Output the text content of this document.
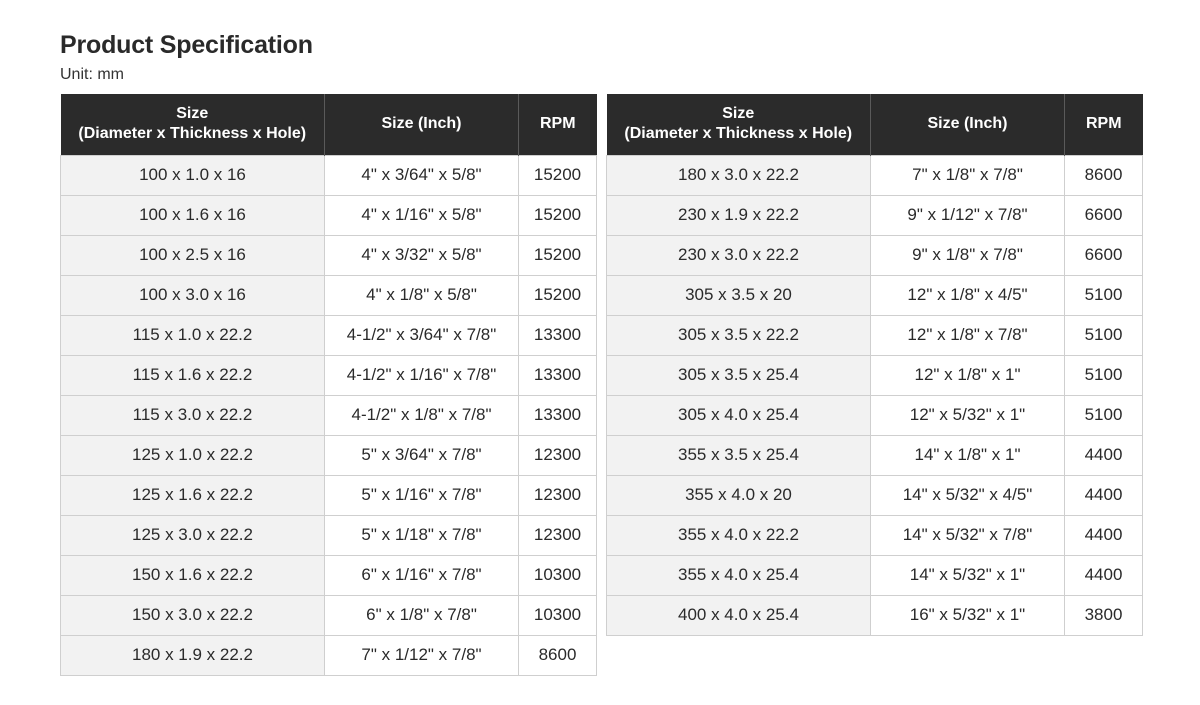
Product Specification
Unit: mm
Size
(Diameter x Thickness x Hole)	Size (Inch)	RPM
100 x 1.0 x 16	4" x 3/64" x 5/8"	15200
100 x 1.6 x 16	4" x 1/16" x 5/8"	15200
100 x 2.5 x 16	4" x 3/32" x 5/8"	15200
100 x 3.0 x 16	4" x 1/8" x 5/8"	15200
115 x 1.0 x 22.2	4-1/2" x 3/64" x 7/8"	13300
115 x 1.6 x 22.2	4-1/2" x 1/16" x 7/8"	13300
115 x 3.0 x 22.2	4-1/2" x 1/8" x 7/8"	13300
125 x 1.0 x 22.2	5" x 3/64" x 7/8"	12300
125 x 1.6 x 22.2	5" x 1/16" x 7/8"	12300
125 x 3.0 x 22.2	5" x 1/18" x 7/8"	12300
150 x 1.6 x 22.2	6" x 1/16" x 7/8"	10300
150 x 3.0 x 22.2	6" x 1/8" x 7/8"	10300
180 x 1.9 x 22.2	7" x 1/12" x 7/8"	8600
Size
(Diameter x Thickness x Hole)	Size (Inch)	RPM
180 x 3.0 x 22.2	7" x 1/8" x 7/8"	8600
230 x 1.9 x 22.2	9" x 1/12" x 7/8"	6600
230 x 3.0 x 22.2	9" x 1/8" x 7/8"	6600
305 x 3.5 x 20	12" x 1/8" x 4/5"	5100
305 x 3.5 x 22.2	12" x 1/8" x 7/8"	5100
305 x 3.5 x 25.4	12" x 1/8" x 1"	5100
305 x 4.0 x 25.4	12" x 5/32" x 1"	5100
355 x 3.5 x 25.4	14" x 1/8" x 1"	4400
355 x 4.0 x 20	14" x 5/32" x 4/5"	4400
355 x 4.0 x 22.2	14" x 5/32" x 7/8"	4400
355 x 4.0 x 25.4	14" x 5/32" x 1"	4400
400 x 4.0 x 25.4	16" x 5/32" x 1"	3800
